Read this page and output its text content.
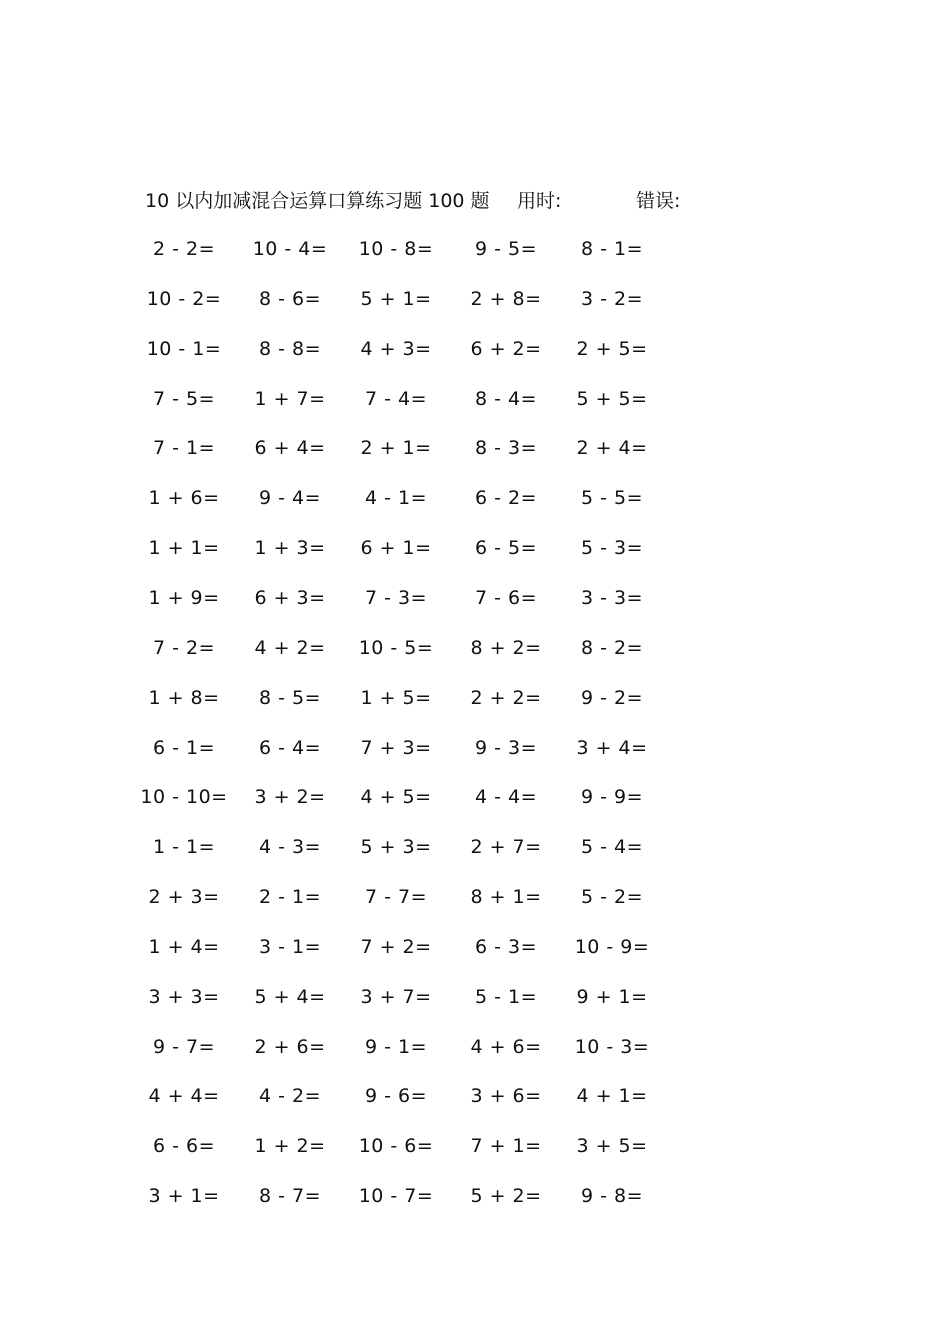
10 以内加减混合运算口算练习题 100 题 用时:	错误:
2 - 2= 10 - 4= 10 - 8= 9 - 5= 8 - 1=
10 - 2= 8 - 6= 5 + 1= 2 + 8= 3 - 2=
10 - 1= 8 - 8= 4 + 3= 6 + 2= 2 + 5=
7 - 5= 1 + 7= 7 - 4=	8 - 4= 5 + 5=
7 - 1= 6 + 4= 2 + 1= 8 - 3= 2 + 4=
1 + 6= 9 - 4= 4 - 1=	6 - 2= 5 - 5=
1 + 1= 1 + 3= 6 + 1= 6 - 5= 5 - 3=
1 + 9= 6 + 3= 7 - 3=	7 - 6= 3 - 3=
7 - 2= 4 + 2= 10 - 5= 8 + 2= 8 - 2=
1 + 8= 8 - 5= 1 + 5= 2 + 2= 9 - 2=
6 - 1= 6 - 4= 7 + 3= 9 - 3= 3 + 4=
10 - 10= 3 + 2= 4 + 5= 4 - 4= 9 - 9=
1 - 1= 4 - 3= 5 + 3= 2 + 7= 5 - 4=
2 + 3= 2 - 1= 7 - 7= 8 + 1= 5 - 2=
1 + 4= 3 - 1= 7 + 2= 6 - 3= 10 - 9=
3 + 3= 5 + 4= 3 + 7= 5 - 1= 9 + 1=
9 - 7= 2 + 6= 9 - 1= 4 + 6= 10 - 3=
4 + 4= 4 - 2= 9 - 6= 3 + 6= 4 + 1=
6 - 6= 1 + 2= 10 - 6= 7 + 1= 3 + 5=
3 + 1= 8 - 7= 10 - 7= 5 + 2= 9 - 8=
